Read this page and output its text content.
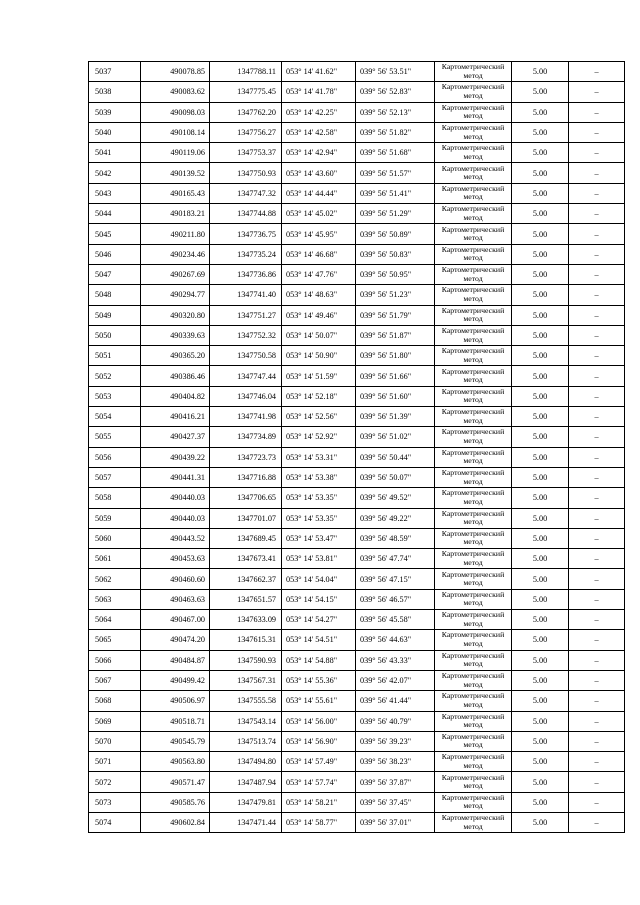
5037	490078.85	1347788.11	053° 14' 41.62"	039° 56' 53.51"	Картометрический метод	5.00	–
5038	490083.62	1347775.45	053° 14' 41.78"	039° 56' 52.83"	Картометрический метод	5.00	–
5039	490098.03	1347762.20	053° 14' 42.25"	039° 56' 52.13"	Картометрический метод	5.00	–
5040	490108.14	1347756.27	053° 14' 42.58"	039° 56' 51.82"	Картометрический метод	5.00	–
5041	490119.06	1347753.37	053° 14' 42.94"	039° 56' 51.68"	Картометрический метод	5.00	–
5042	490139.52	1347750.93	053° 14' 43.60"	039° 56' 51.57"	Картометрический метод	5.00	–
5043	490165.43	1347747.32	053° 14' 44.44"	039° 56' 51.41"	Картометрический метод	5.00	–
5044	490183.21	1347744.88	053° 14' 45.02"	039° 56' 51.29"	Картометрический метод	5.00	–
5045	490211.80	1347736.75	053° 14' 45.95"	039° 56' 50.89"	Картометрический метод	5.00	–
5046	490234.46	1347735.24	053° 14' 46.68"	039° 56' 50.83"	Картометрический метод	5.00	–
5047	490267.69	1347736.86	053° 14' 47.76"	039° 56' 50.95"	Картометрический метод	5.00	–
5048	490294.77	1347741.40	053° 14' 48.63"	039° 56' 51.23"	Картометрический метод	5.00	–
5049	490320.80	1347751.27	053° 14' 49.46"	039° 56' 51.79"	Картометрический метод	5.00	–
5050	490339.63	1347752.32	053° 14' 50.07"	039° 56' 51.87"	Картометрический метод	5.00	–
5051	490365.20	1347750.58	053° 14' 50.90"	039° 56' 51.80"	Картометрический метод	5.00	–
5052	490386.46	1347747.44	053° 14' 51.59"	039° 56' 51.66"	Картометрический метод	5.00	–
5053	490404.82	1347746.04	053° 14' 52.18"	039° 56' 51.60"	Картометрический метод	5.00	–
5054	490416.21	1347741.98	053° 14' 52.56"	039° 56' 51.39"	Картометрический метод	5.00	–
5055	490427.37	1347734.89	053° 14' 52.92"	039° 56' 51.02"	Картометрический метод	5.00	–
5056	490439.22	1347723.73	053° 14' 53.31"	039° 56' 50.44"	Картометрический метод	5.00	–
5057	490441.31	1347716.88	053° 14' 53.38"	039° 56' 50.07"	Картометрический метод	5.00	–
5058	490440.03	1347706.65	053° 14' 53.35"	039° 56' 49.52"	Картометрический метод	5.00	–
5059	490440.03	1347701.07	053° 14' 53.35"	039° 56' 49.22"	Картометрический метод	5.00	–
5060	490443.52	1347689.45	053° 14' 53.47"	039° 56' 48.59"	Картометрический метод	5.00	–
5061	490453.63	1347673.41	053° 14' 53.81"	039° 56' 47.74"	Картометрический метод	5.00	–
5062	490460.60	1347662.37	053° 14' 54.04"	039° 56' 47.15"	Картометрический метод	5.00	–
5063	490463.63	1347651.57	053° 14' 54.15"	039° 56' 46.57"	Картометрический метод	5.00	–
5064	490467.00	1347633.09	053° 14' 54.27"	039° 56' 45.58"	Картометрический метод	5.00	–
5065	490474.20	1347615.31	053° 14' 54.51"	039° 56' 44.63"	Картометрический метод	5.00	–
5066	490484.87	1347590.93	053° 14' 54.88"	039° 56' 43.33"	Картометрический метод	5.00	–
5067	490499.42	1347567.31	053° 14' 55.36"	039° 56' 42.07"	Картометрический метод	5.00	–
5068	490506.97	1347555.58	053° 14' 55.61"	039° 56' 41.44"	Картометрический метод	5.00	–
5069	490518.71	1347543.14	053° 14' 56.00"	039° 56' 40.79"	Картометрический метод	5.00	–
5070	490545.79	1347513.74	053° 14' 56.90"	039° 56' 39.23"	Картометрический метод	5.00	–
5071	490563.80	1347494.80	053° 14' 57.49"	039° 56' 38.23"	Картометрический метод	5.00	–
5072	490571.47	1347487.94	053° 14' 57.74"	039° 56' 37.87"	Картометрический метод	5.00	–
5073	490585.76	1347479.81	053° 14' 58.21"	039° 56' 37.45"	Картометрический метод	5.00	–
5074	490602.84	1347471.44	053° 14' 58.77"	039° 56' 37.01"	Картометрический метод	5.00	–
